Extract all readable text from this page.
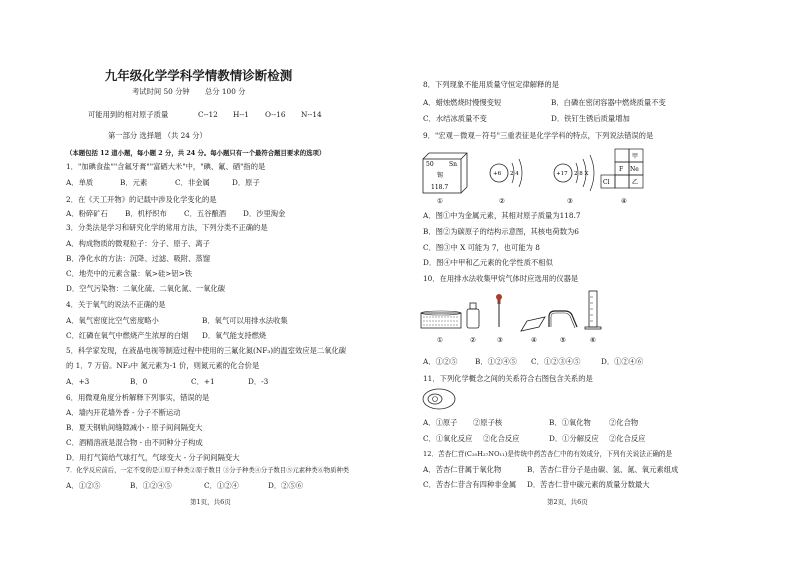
九年级化学学科学情教情诊断检测
考试时间 50 分钟 总分 100 分
可能用到的相对原子质量	C--12 H--1 O--16 N--14
第一部分 选择题 （共 24 分）
（本题包括 12 道小题，每小题 2 分，共 24 分。每小题只有一个最符合题目要求的选项）
1．"加碘食盐""含氟牙膏""富硒大米"中，"碘、氟、硒"指的是
A．单质	B．元素	C．非金属	D．原子
2．在《天工开物》的记载中涉及化学变化的是
A．粉碎矿石 B．机杼织布 C．五谷酿酒 D．沙里淘金
3．分类法是学习和研究化学的常用方法，下列分类不正确的是
A．构成物质的微观粒子：分子、原子、离子
B．净化水的方法：沉降、过滤、吸附、蒸馏
C．地壳中的元素含量：氧>硅>铝>铁
D．空气污染物：二氧化硫、二氧化氮、一氧化碳
4．关于氧气的说法不正确的是
A．氧气密度比空气密度略小	B．氧气可以用排水法收集
C．红磷在氧气中燃烧产生浓厚的白烟 D．氧气能支持燃烧
5．科学家发现，在液晶电视等制造过程中使用的三氟化氮(NF₃)的温室效应是二氧化碳
的 1．7 万倍。NF₃中 氮元素为-1 价，则氮元素的化合价是
A．+3	B．0	C．+1	D．-3
6．用微观角度分析解释下列事实，错误的是
A．墙内开花墙外香 - 分子不断运动
B．夏天钢轨间缝隙减小 - 原子间间隔变大
C．酒精溶液是混合物 - 由不同种分子构成
D．用打气筒给气球打气，气球变大 - 分子间间隔变大
7．化学反应前后，一定不变的是①原子种类②原子数目 ③分子种类④分子数目⑤元素种类⑥物质种类
A．①②⑤	B．①②④⑤	C．①②④	D．②⑤⑥
第1页，共6页
8．下列现象不能用质量守恒定律解释的是
A．蜡烛燃烧时慢慢变短	B．白磷在密闭容器中燃烧质量不变
C．水结冰质量不变	D．铁钉生锈后质量增加
9．"宏观－微观－符号"三重表征是化学学科的特点，下列说法错误的是
50	Sn
锡
118.7
+6 2 4	+17 2 8 X
甲
F Ne
Cl	乙
①	②	③	④
A．图①中为金属元素，其相对原子质量为118.7
B．图②为碳原子的结构示意图，其核电荷数为6
C．图③中 X 可能为 7，也可能为 8
D．图④中甲和乙元素的化学性质不相似
10．在用排水法收集甲烷气体时应选用的仪器是
①	②	③	④	⑤	⑥
A．①②⑤ B．①②④⑤ C．①②③④⑤	D．①②④⑥
11．下列化学概念之间的关系符合右图包含关系的是
A．①原子 ②原子核	B．①氧化物 ②化合物
C．①氧化反应 ②化合反应	D．①分解反应 ②化合反应
12．苦杏仁苷(C₂₀H₂₇NO₁₁)是传统中药苦杏仁中的有效成分，下列有关说法正确的是
A．苦杏仁苷属于氧化物	B．苦杏仁苷分子是由碳、氢、氮、氧元素组成
C．苦杏仁苷含有四种非金属 D．苦杏仁苷中碳元素的质量分数最大
第2页，共6页
